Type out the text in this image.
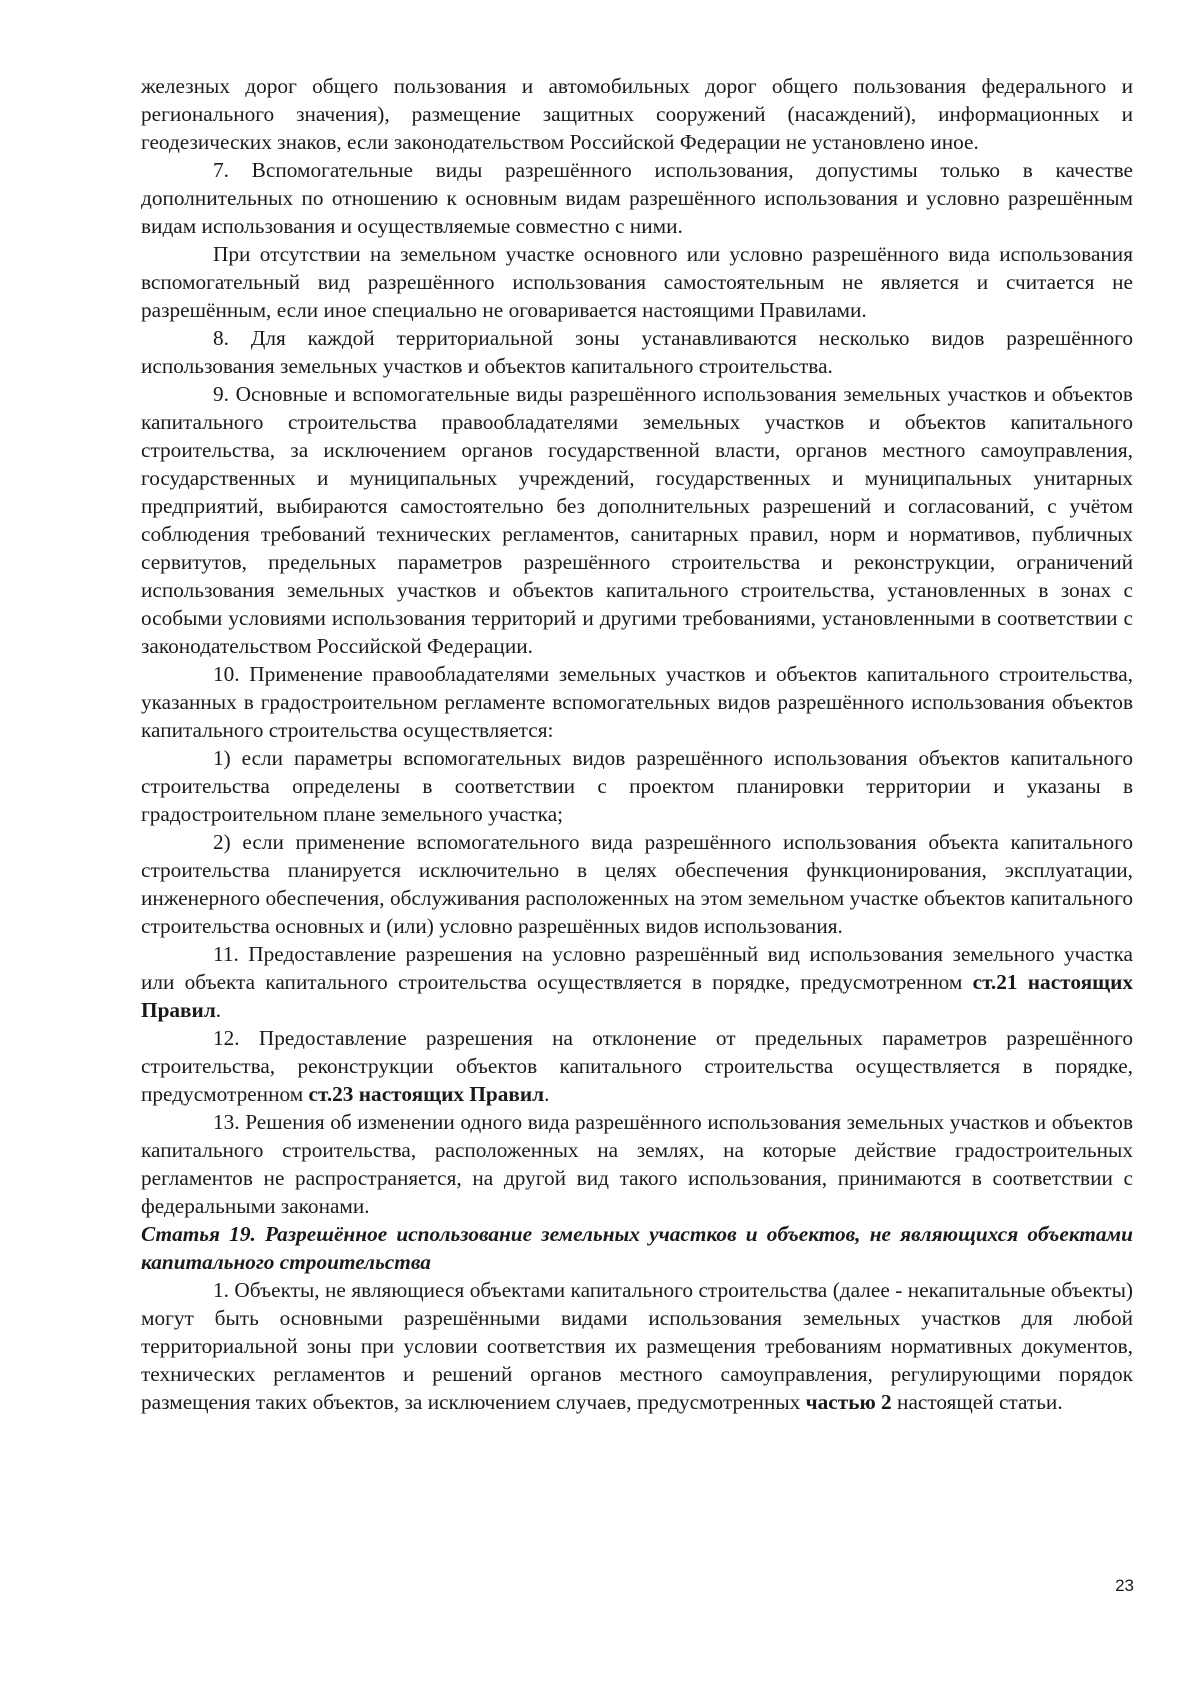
железных дорог общего пользования и автомобильных дорог общего пользования федерального и регионального значения), размещение защитных сооружений (насаждений), информационных и геодезических знаков, если законодательством Российской Федерации не установлено иное.

7. Вспомогательные виды разрешённого использования, допустимы только в качестве дополнительных по отношению к основным видам разрешённого использования и условно разрешённым видам использования и осуществляемые совместно с ними.

При отсутствии на земельном участке основного или условно разрешённого вида использования вспомогательный вид разрешённого использования самостоятельным не является и считается не разрешённым, если иное специально не оговаривается настоящими Правилами.

8. Для каждой территориальной зоны устанавливаются несколько видов разрешённого использования земельных участков и объектов капитального строительства.

9. Основные и вспомогательные виды разрешённого использования земельных участков и объектов капитального строительства правообладателями земельных участков и объектов капитального строительства, за исключением органов государственной власти, органов местного самоуправления, государственных и муниципальных учреждений, государственных и муниципальных унитарных предприятий, выбираются самостоятельно без дополнительных разрешений и согласований, с учётом соблюдения требований технических регламентов, санитарных правил, норм и нормативов, публичных сервитутов, предельных параметров разрешённого строительства и реконструкции, ограничений использования земельных участков и объектов капитального строительства, установленных в зонах с особыми условиями использования территорий и другими требованиями, установленными в соответствии с законодательством Российской Федерации.

10. Применение правообладателями земельных участков и объектов капитального строительства, указанных в градостроительном регламенте вспомогательных видов разрешённого использования объектов капитального строительства осуществляется:

1) если параметры вспомогательных видов разрешённого использования объектов капитального строительства определены в соответствии с проектом планировки территории и указаны в градостроительном плане земельного участка;

2) если применение вспомогательного вида разрешённого использования объекта капитального строительства планируется исключительно в целях обеспечения функционирования, эксплуатации, инженерного обеспечения, обслуживания расположенных на этом земельном участке объектов капитального строительства основных и (или) условно разрешённых видов использования.

11. Предоставление разрешения на условно разрешённый вид использования земельного участка или объекта капитального строительства осуществляется в порядке, предусмотренном ст.21 настоящих Правил.

12. Предоставление разрешения на отклонение от предельных параметров разрешённого строительства, реконструкции объектов капитального строительства осуществляется в порядке, предусмотренном ст.23 настоящих Правил.

13. Решения об изменении одного вида разрешённого использования земельных участков и объектов капитального строительства, расположенных на землях, на которые действие градостроительных регламентов не распространяется, на другой вид такого использования, принимаются в соответствии с федеральными законами.

Статья 19. Разрешённое использование земельных участков и объектов, не являющихся объектами капитального строительства

1. Объекты, не являющиеся объектами капитального строительства (далее - некапитальные объекты) могут быть основными разрешёнными видами использования земельных участков для любой территориальной зоны при условии соответствия их размещения требованиям нормативных документов, технических регламентов и решений органов местного самоуправления, регулирующими порядок размещения таких объектов, за исключением случаев, предусмотренных частью 2 настоящей статьи.

23
